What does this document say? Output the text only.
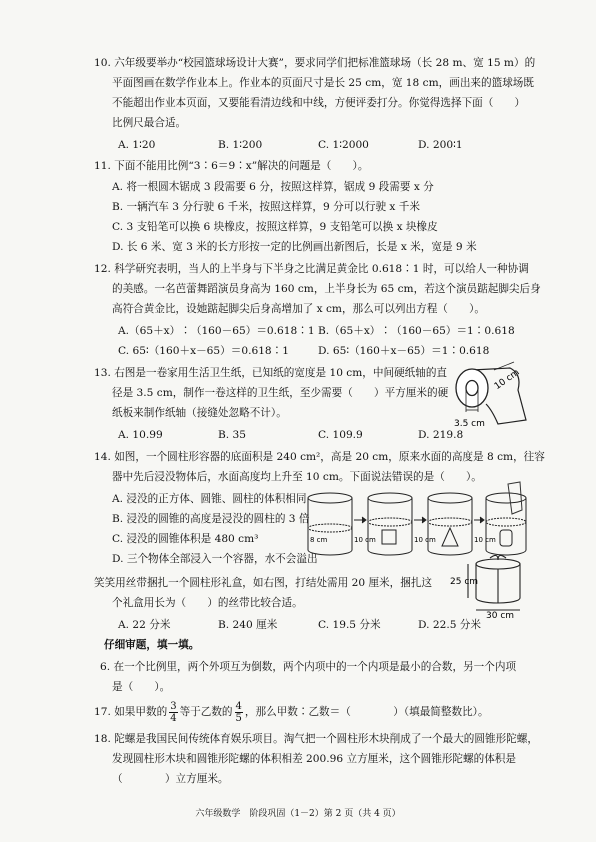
10. 六年级要举办“校园篮球场设计大赛”，要求同学们把标准篮球场（长 28 m、宽 15 m）的
平面图画在数学作业本上。作业本的页面尺寸是长 25 cm，宽 18 cm，画出来的篮球场既
不能超出作业本页面，又要能看清边线和中线，方便评委打分。你觉得选择下面（　　）
比例尺最合适。
A. 1∶20	B. 1∶200	C. 1∶2000	D. 200∶1
11. 下面不能用比例“3∶6＝9∶x”解决的问题是（　　）。
A. 将一根圆木锯成 3 段需要 6 分，按照这样算，锯成 9 段需要 x 分
B. 一辆汽车 3 分行驶 6 千米，按照这样算，9 分可以行驶 x 千米
C. 3 支铅笔可以换 6 块橡皮，按照这样算，9 支铅笔可以换 x 块橡皮
D. 长 6 米、宽 3 米的长方形按一定的比例画出新图后，长是 x 米，宽是 9 米
12. 科学研究表明，当人的上半身与下半身之比满足黄金比 0.618∶1 时，可以给人一种协调
的美感。一名芭蕾舞蹈演员身高为 160 cm，上半身长为 65 cm，若这个演员踮起脚尖后身
高符合黄金比，设她踮起脚尖后身高增加了 x cm，那么可以列出方程（　　）。
A.（65＋x）∶（160－65）＝0.618∶1 B.（65＋x）∶（160－65）＝1∶0.618
C. 65∶（160＋x－65）＝0.618∶1	D. 65∶（160＋x－65）＝1∶0.618
13. 右图是一卷家用生活卫生纸，已知纸的宽度是 10 cm，中间硬纸轴的直
径是 3.5 cm，制作一卷这样的卫生纸，至少需要（　　）平方厘米的硬
纸板来制作纸轴（接缝处忽略不计）。
A. 10.99	B. 35	C. 109.9	D. 219.8
10 cm
3.5 cm
14. 如图，一个圆柱形容器的底面积是 240 cm²，高是 20 cm，原来水面的高度是 8 cm，往容
器中先后浸没物体后，水面高度均上升至 10 cm。下面说法错误的是（　　）。
A. 浸没的正方体、圆锥、圆柱的体积相同
B. 浸没的圆锥的高度是浸没的圆柱的 3 倍
C. 浸没的圆锥体积是 480 cm³
D. 三个物体全部浸入一个容器，水不会溢出
10 cm	10 cm	10 cm
8 cm
笑笑用丝带捆扎一个圆柱形礼盒，如右图，打结处需用 20 厘米，捆扎这
个礼盒用长为（　　）的丝带比较合适。
A. 22 分米	B. 240 厘米	C. 19.5 分米	D. 22.5 分米
25 cm
30 cm
仔细审题，填一填。
6. 在一个比例里，两个外项互为倒数，两个内项中的一个内项是最小的合数，另一个内项
是（　　）。
17. 如果甲数的 $\frac{3}{4}$ 等于乙数的 $\frac{4}{5}$ ，那么甲数∶乙数＝（　　　　）（填最简整数比）。
18. 陀螺是我国民间传统体育娱乐项目。淘气把一个圆柱形木块削成了一个最大的圆锥形陀螺，
发现圆柱形木块和圆锥形陀螺的体积相差 200.96 立方厘米，这个圆锥形陀螺的体积是
（　　　　）立方厘米。
六年级数学　阶段巩固（1－2）第 2 页（共 4 页）
